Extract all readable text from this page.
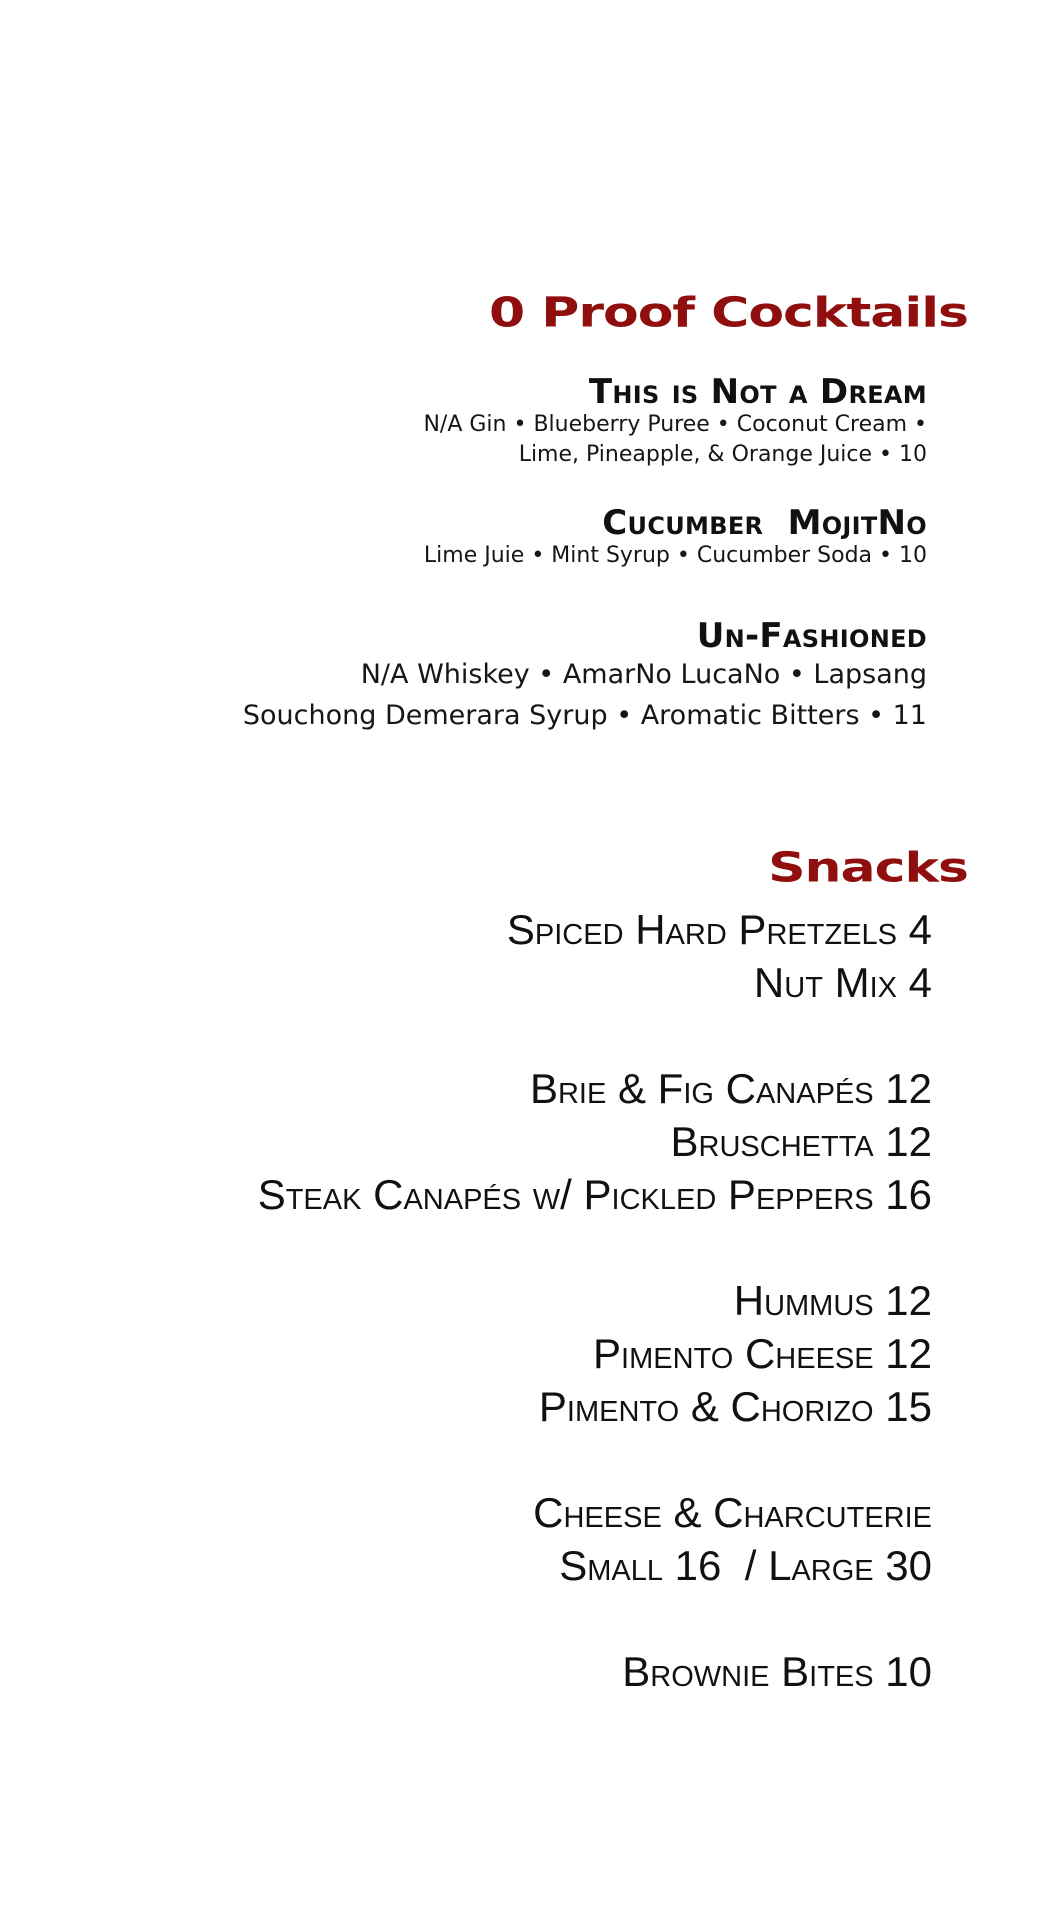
0 Proof Cocktails
This is Not a Dream
N/A Gin • Blueberry Puree • Coconut Cream •
Lime, Pineapple, & Orange Juice • 10
Cucumber  MojitNo
Lime Juie • Mint Syrup • Cucumber Soda • 10
Un-Fashioned
N/A Whiskey • AmarNo LucaNo • Lapsang
Souchong Demerara Syrup • Aromatic Bitters • 11
Snacks
Spiced Hard Pretzels 4
Nut Mix 4
Brie & Fig Canapés 12
Bruschetta 12
Steak Canapés w/ Pickled Peppers 16
Hummus 12
Pimento Cheese 12
Pimento & Chorizo 15
Cheese & Charcuterie
Small 16  / Large 30
Brownie Bites 10
